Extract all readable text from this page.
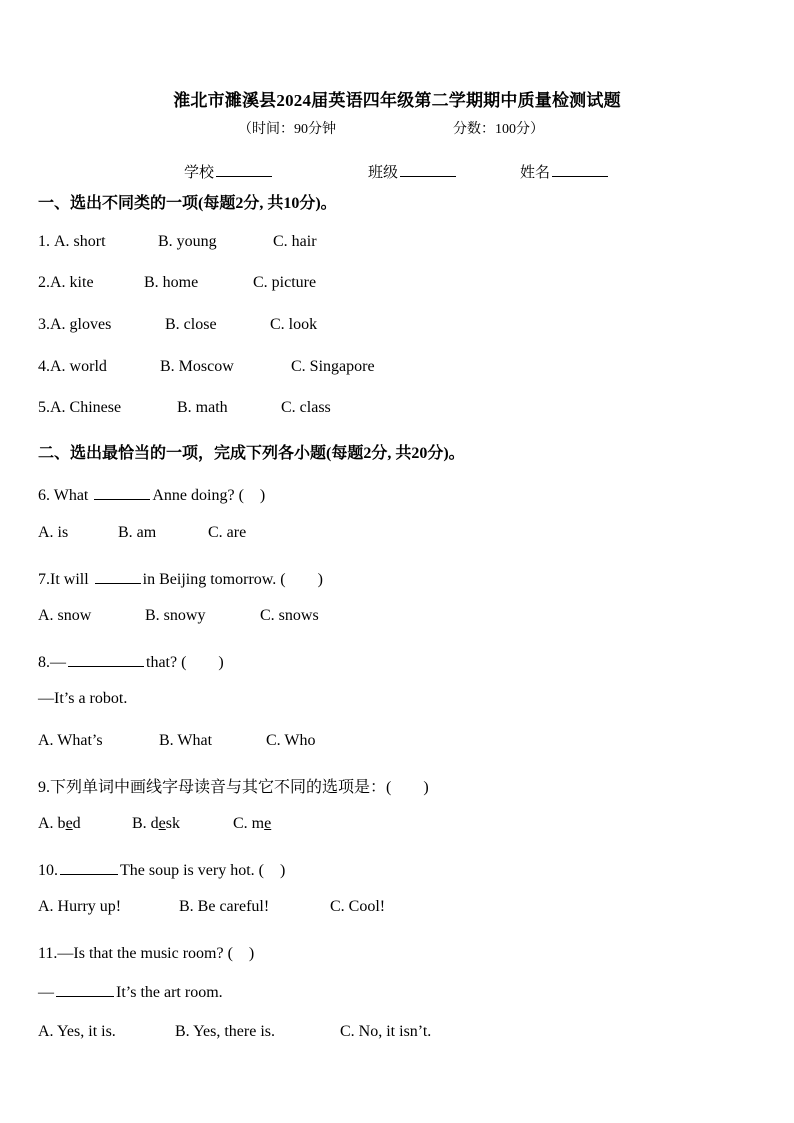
淮北市濉溪县2024届英语四年级第二学期期中质量检测试题
（时间：90分钟	分数：100分）
学校	班级	姓名
一、选出不同类的一项(每题2分, 共10分)。
1. A. short	B. young	C. hair
2.A. kite	B. home	C. picture
3.A. gloves	B. close	C. look
4.A. world	B. Moscow	C. Singapore
5.A. Chinese	B. math	C. class
二、选出最恰当的一项，完成下列各小题(每题2分, 共20分)。
6. What	Anne doing? (　)
A. is	B. am	C. are
7.It will	in Beijing tomorrow. (　　)
A. snow	B. snowy	C. snows
8.—	that? (　　)
—It’s a robot.
A. What’s	B. What	C. Who
9.下列单词中画线字母读音与其它不同的选项是：(　　)
A. bed	B. desk	C. me
10.	The soup is very hot. (　)
A. Hurry up!	B. Be careful!	C. Cool!
11.—Is that the music room? (　)
—	It’s the art room.
A. Yes, it is.	B. Yes, there is.	C. No, it isn’t.
